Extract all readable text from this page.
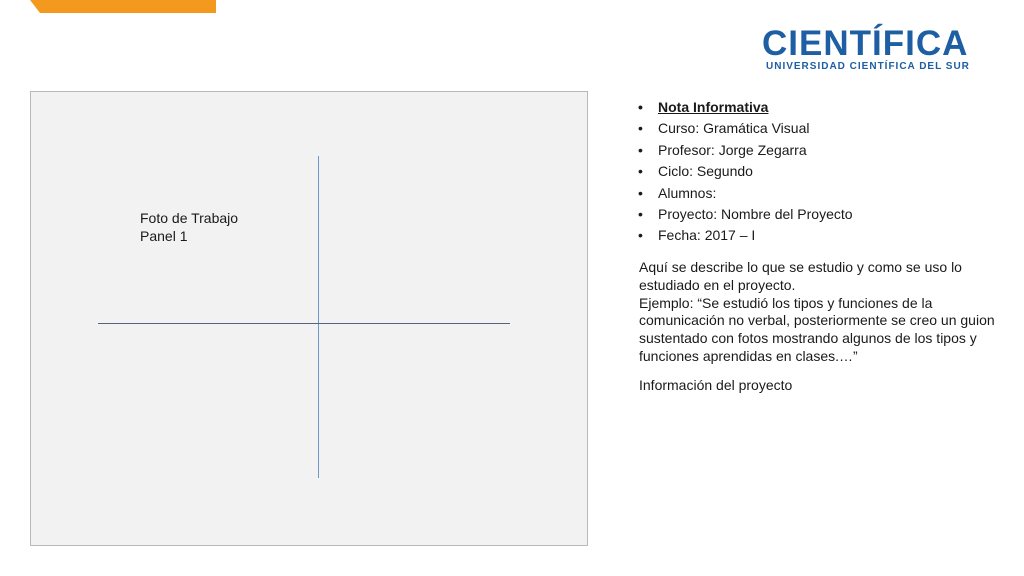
CIENTÍFICA
UNIVERSIDAD CIENTÍFICA DEL SUR
Foto de Trabajo
Panel 1
• Nota Informativa
• Curso: Gramática Visual
• Profesor: Jorge Zegarra
• Ciclo: Segundo
• Alumnos:
• Proyecto: Nombre del Proyecto
• Fecha: 2017 – I

Aquí se describe lo que se estudio y como se uso lo estudiado en el proyecto.

Ejemplo: “Se estudió los tipos y funciones de la comunicación no verbal, posteriormente se creo un guion sustentado con fotos mostrando algunos de los tipos y funciones aprendidas en clases.…”

Información del proyecto
